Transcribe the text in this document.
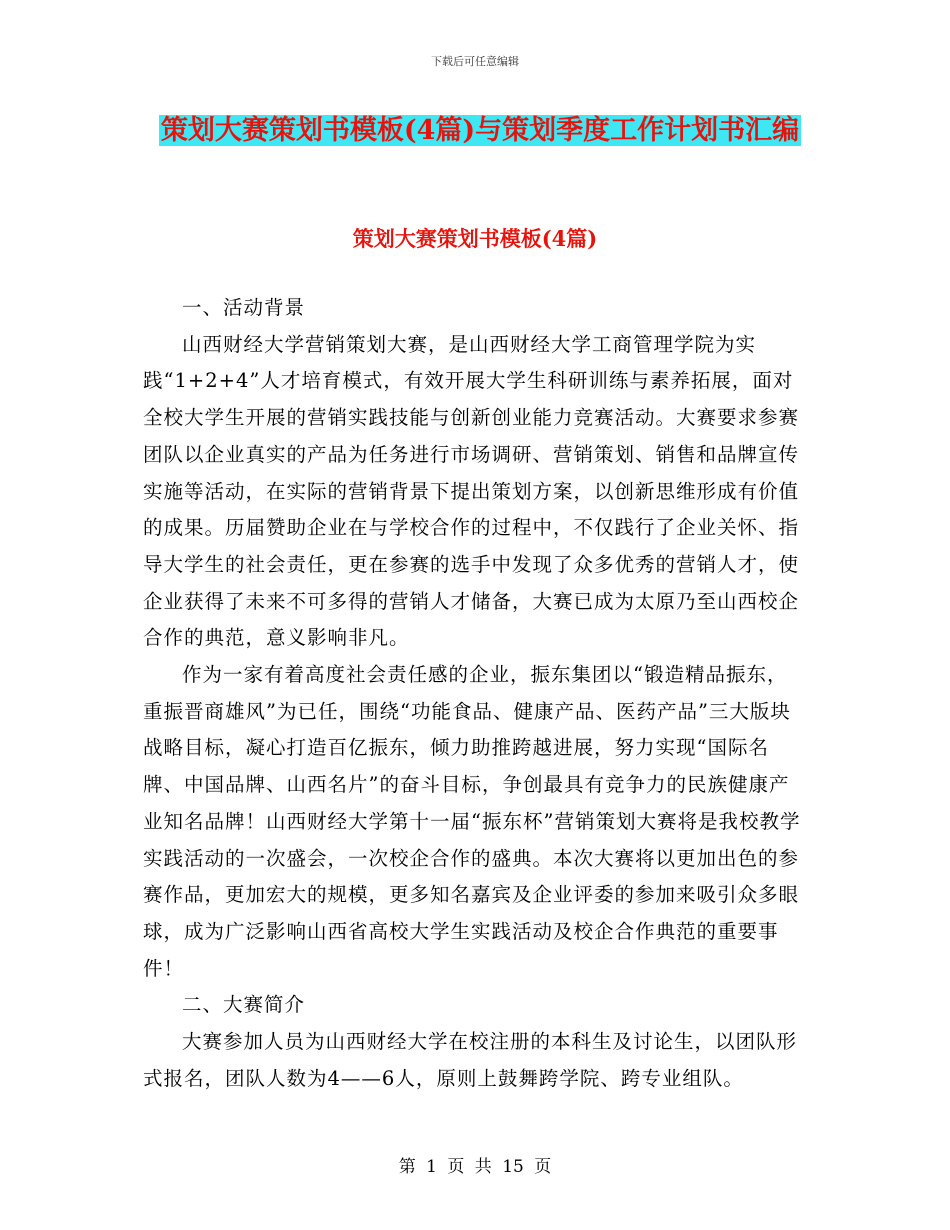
下载后可任意编辑
策划大赛策划书模板(4篇)与策划季度工作计划书汇编
策划大赛策划书模板(4篇)

一、活动背景

山西财经大学营销策划大赛，是山西财经大学工商管理学院为实践“1+2+4”人才培育模式，有效开展大学生科研训练与素养拓展，面对全校大学生开展的营销实践技能与创新创业能力竞赛活动。大赛要求参赛团队以企业真实的产品为任务进行市场调研、营销策划、销售和品牌宣传实施等活动，在实际的营销背景下提出策划方案，以创新思维形成有价值的成果。历届赞助企业在与学校合作的过程中，不仅践行了企业关怀、指导大学生的社会责任，更在参赛的选手中发现了众多优秀的营销人才，使企业获得了未来不可多得的营销人才储备，大赛已成为太原乃至山西校企合作的典范，意义影响非凡。

作为一家有着高度社会责任感的企业，振东集团以“锻造精品振东，重振晋商雄风”为已任，围绕“功能食品、健康产品、医药产品”三大版块战略目标，凝心打造百亿振东，倾力助推跨越进展，努力实现“国际名牌、中国品牌、山西名片”的奋斗目标，争创最具有竞争力的民族健康产业知名品牌！山西财经大学第十一届“振东杯”营销策划大赛将是我校教学实践活动的一次盛会，一次校企合作的盛典。本次大赛将以更加出色的参赛作品，更加宏大的规模，更多知名嘉宾及企业评委的参加来吸引众多眼球，成为广泛影响山西省高校大学生实践活动及校企合作典范的重要事件！

二、大赛简介

大赛参加人员为山西财经大学在校注册的本科生及讨论生，以团队形式报名，团队人数为4——6人，原则上鼓舞跨学院、跨专业组队。

第 1 页 共 15 页
